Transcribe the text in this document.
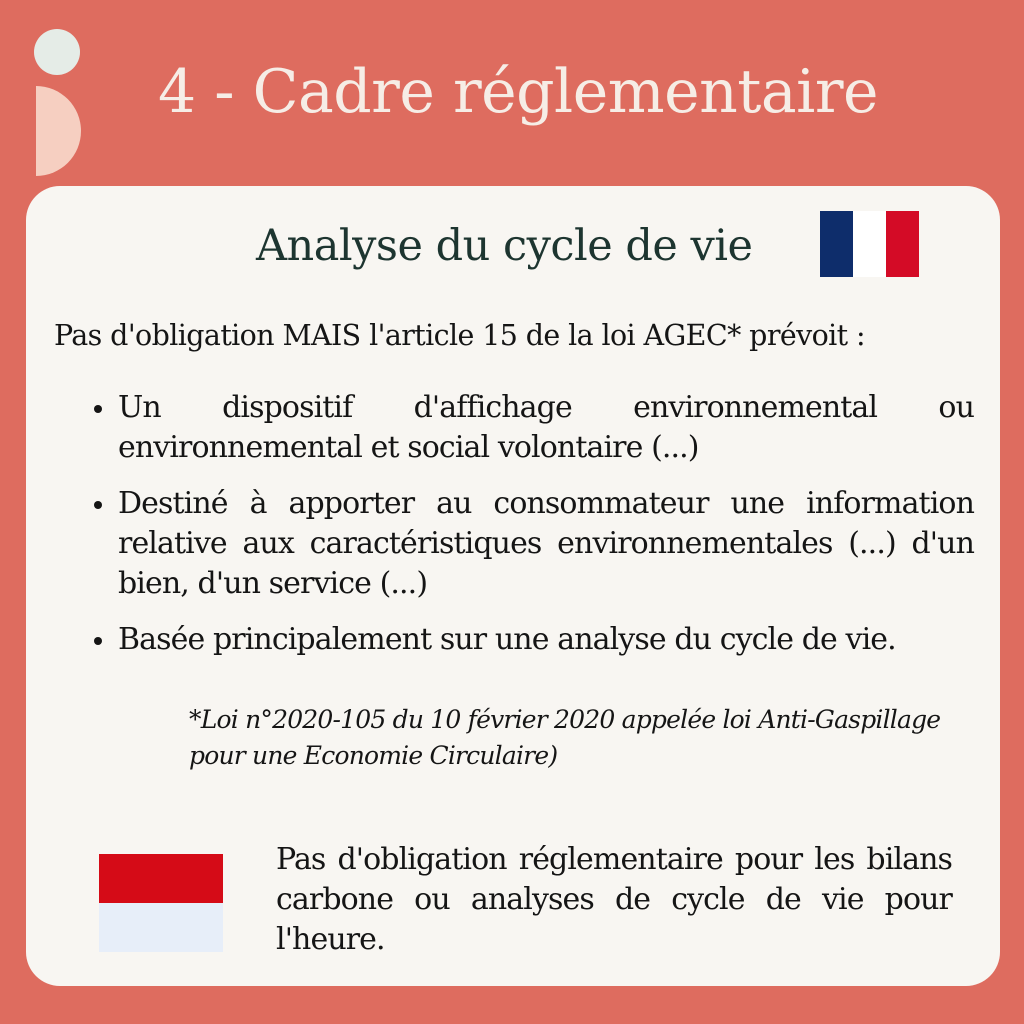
4 - Cadre réglementaire
Analyse du cycle de vie

Pas d'obligation MAIS l'article 15 de la loi AGEC* prévoit :

Un dispositif d'affichage environnemental ou environnemental et social volontaire (...)
Destiné à apporter au consommateur une information relative aux caractéristiques environnementales (...) d'un bien, d'un service (...)
Basée principalement sur une analyse du cycle de vie.

*Loi n°2020-105 du 10 février 2020 appelée loi Anti-Gaspillage pour une Economie Circulaire)

Pas d'obligation réglementaire pour les bilans carbone ou analyses de cycle de vie pour l'heure.
